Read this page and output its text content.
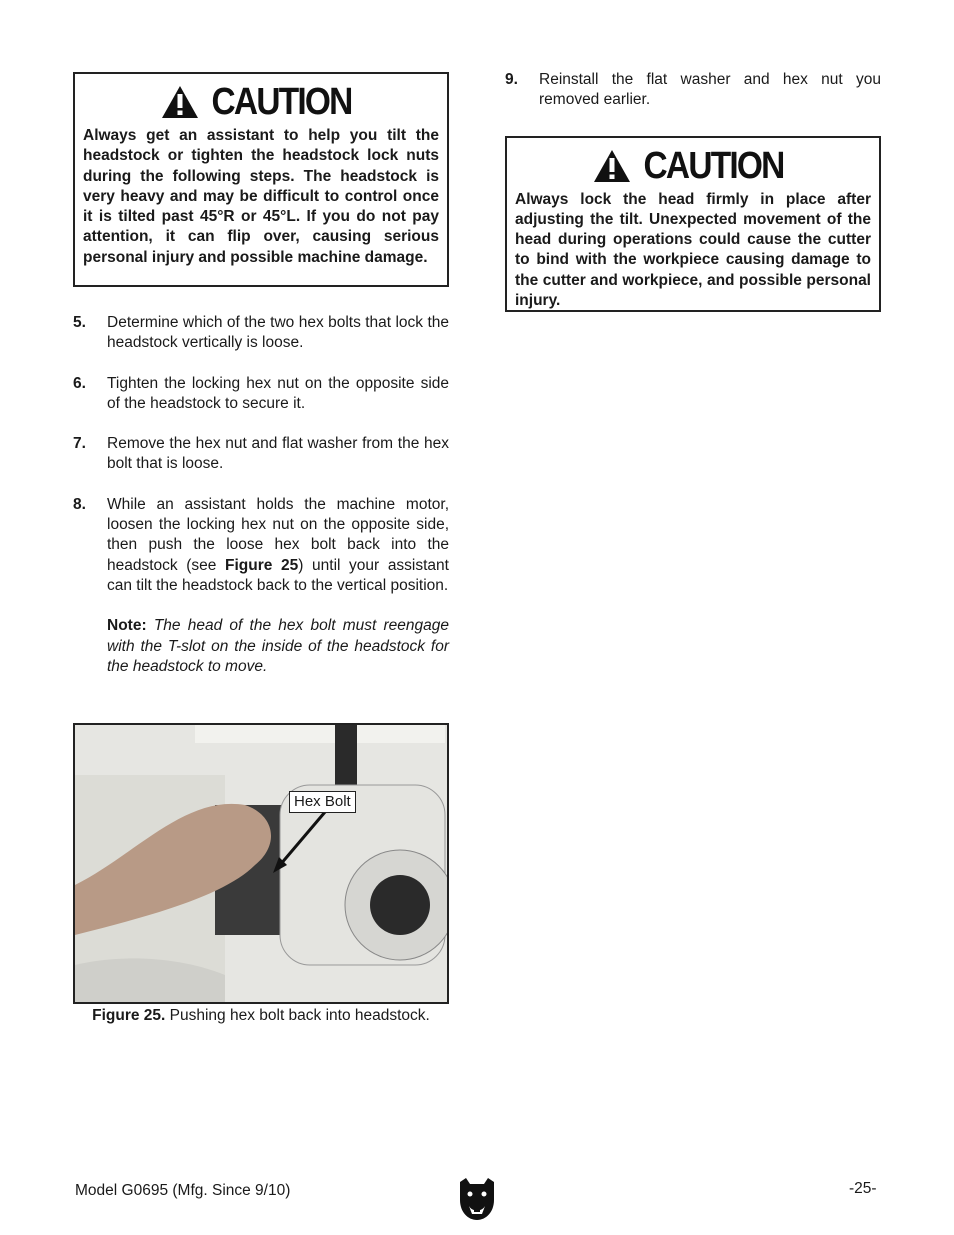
CAUTION

Always get an assistant to help you tilt the headstock or tighten the headstock lock nuts during the following steps. The headstock is very heavy and may be difficult to control once it is tilted past 45°R or 45°L. If you do not pay attention, it can flip over, causing serious personal injury and possible machine damage.

5.	Determine which of the two hex bolts that lock the headstock vertically is loose.

6.	Tighten the locking hex nut on the opposite side of the headstock to secure it.

7.	Remove the hex nut and flat washer from the hex bolt that is loose.

8.	While an assistant holds the machine motor, loosen the locking hex nut on the opposite side, then push the loose hex bolt back into the headstock (see Figure 25) until your assistant can tilt the headstock back to the vertical position.

Note: The head of the hex bolt must reengage with the T-slot on the inside of the headstock for the headstock to move.

Hex Bolt
Figure 25. Pushing hex bolt back into headstock.
9.	Reinstall the flat washer and hex nut you removed earlier.

CAUTION

Always lock the head firmly in place after adjusting the tilt. Unexpected movement of the head during operations could cause the cutter to bind with the workpiece causing damage to the cutter and workpiece, and possible personal injury.

Model G0695 (Mfg. Since 9/10)	-25-
